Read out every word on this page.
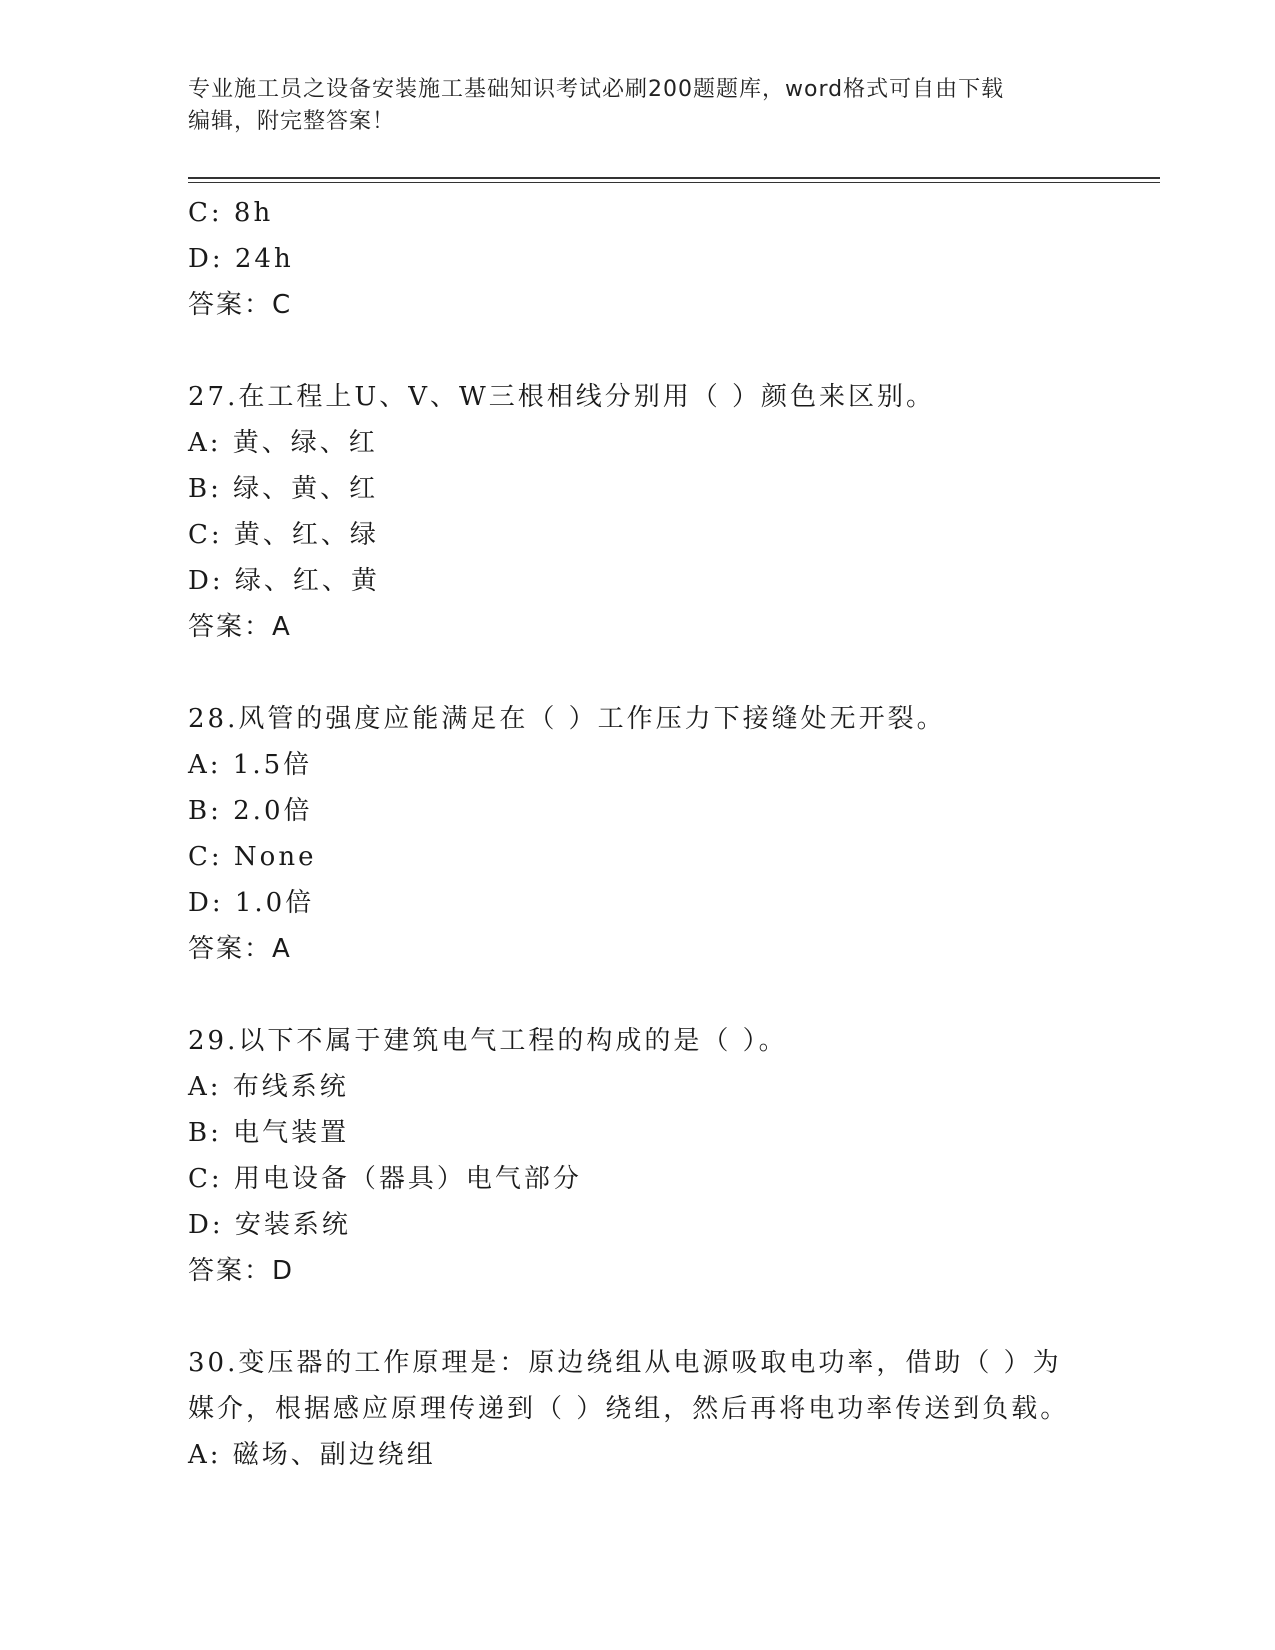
专业施工员之设备安装施工基础知识考试必刷200题题库，word格式可自由下载
编辑，附完整答案！
C: 8h
D: 24h
答案：C
27.在工程上U、V、W三根相线分别用（ ）颜色来区别。
A: 黄、绿、红
B: 绿、黄、红
C: 黄、红、绿
D: 绿、红、黄
答案：A
28.风管的强度应能满足在（ ）工作压力下接缝处无开裂。
A: 1.5倍
B: 2.0倍
C: None
D: 1.0倍
答案：A
29.以下不属于建筑电气工程的构成的是（ ）。
A: 布线系统
B: 电气装置
C: 用电设备（器具）电气部分
D: 安装系统
答案：D
30.变压器的工作原理是：原边绕组从电源吸取电功率，借助（ ）为
媒介，根据感应原理传递到（ ）绕组，然后再将电功率传送到负载。
A: 磁场、副边绕组
